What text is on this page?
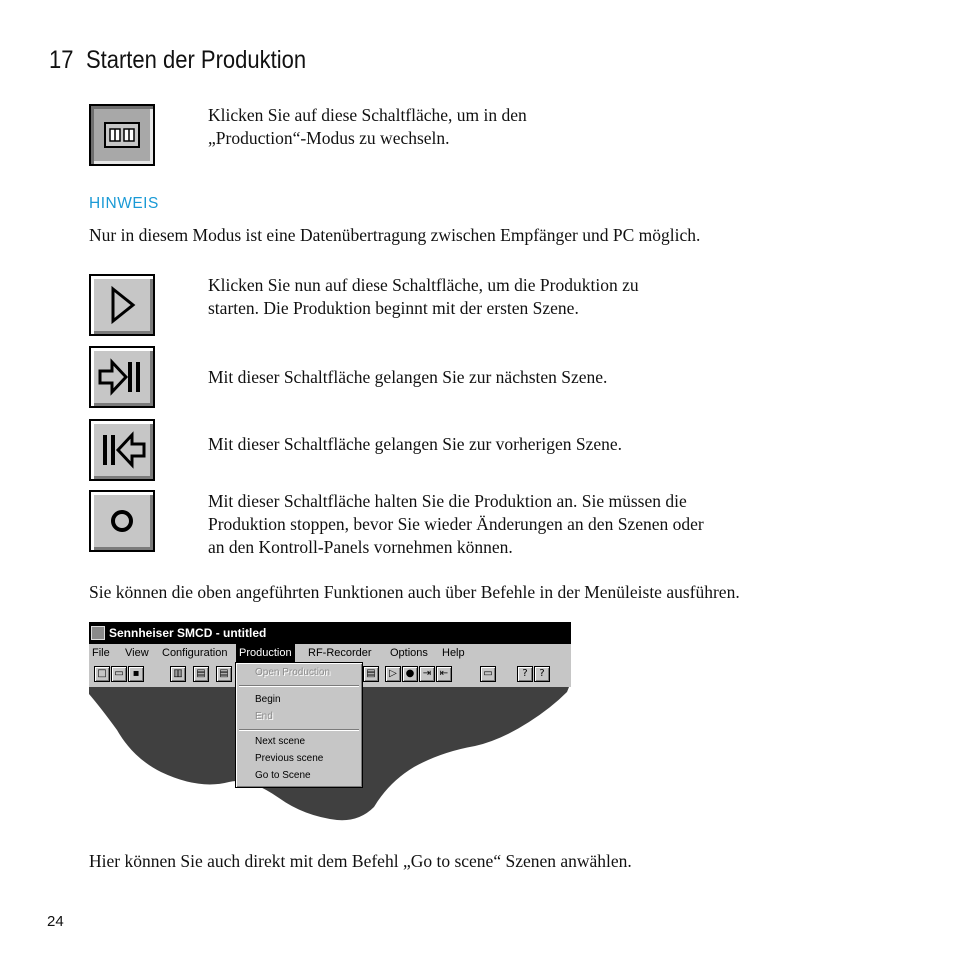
17 Starten der Produktion
Klicken Sie auf diese Schaltfläche, um in den
„Production“-Modus zu wechseln.
HINWEIS
Nur in diesem Modus ist eine Datenübertragung zwischen Empfänger und PC möglich.
Klicken Sie nun auf diese Schaltfläche, um die Produktion zu
starten. Die Produktion beginnt mit der ersten Szene.
Mit dieser Schaltfläche gelangen Sie zur nächsten Szene.
Mit dieser Schaltfläche gelangen Sie zur vorherigen Szene.
Mit dieser Schaltfläche halten Sie die Produktion an. Sie müssen die
Produktion stoppen, bevor Sie wieder Änderungen an den Szenen oder
an den Kontroll-Panels vornehmen können.
Sie können die oben angeführten Funktionen auch über Befehle in der Menüleiste ausführen.
Sennheiser SMCD - untitled
File View Configuration Production RF-Recorder Options Help
□ ▭ ▪	▥	▤	▤	▤	▷ ● ⇥ ⇤	▭	?	?
Open Production
Begin
End
Next scene
Previous scene
Go to Scene
Hier können Sie auch direkt mit dem Befehl „Go to scene“ Szenen anwählen.
24
